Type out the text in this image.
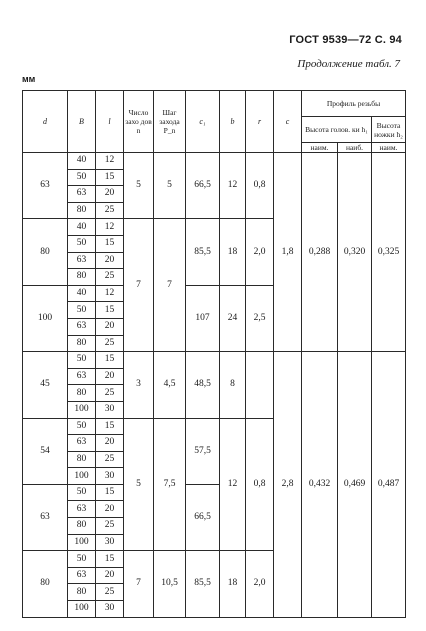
ГОСТ 9539—72 С. 94
Продолжение табл. 7
мм
d	B	l	Число захо дов n	Шаг захода P_n	c₁	b	r	c	Профиль резьбы		
									Высота голов. ки h₁		Высота ножки h₂
									наим.	наиб.	наим.
63	40	12	5	5	66,5	12	0,8	1,8	0,288	0,320	0,325
	50	15									
	63	20									
	80	25									
80	40	12	7	7	85,5	18	2,0				
	50	15									
	63	20									
	80	25									
100	40	12			107	24	2,5				
	50	15									
	63	20									
	80	25									
45	50	15	3	4,5	48,5	8		2,8	0,432	0,469	0,487
	63	20									
	80	25									
	100	30									
54	50	15	5	7,5	57,5	12	0,8				
	63	20									
	80	25									
	100	30									
63	50	15			66,5						
	63	20									
	80	25									
	100	30									
80	50	15	7	10,5	85,5	18	2,0				
	63	20									
	80	25									
	100	30									
